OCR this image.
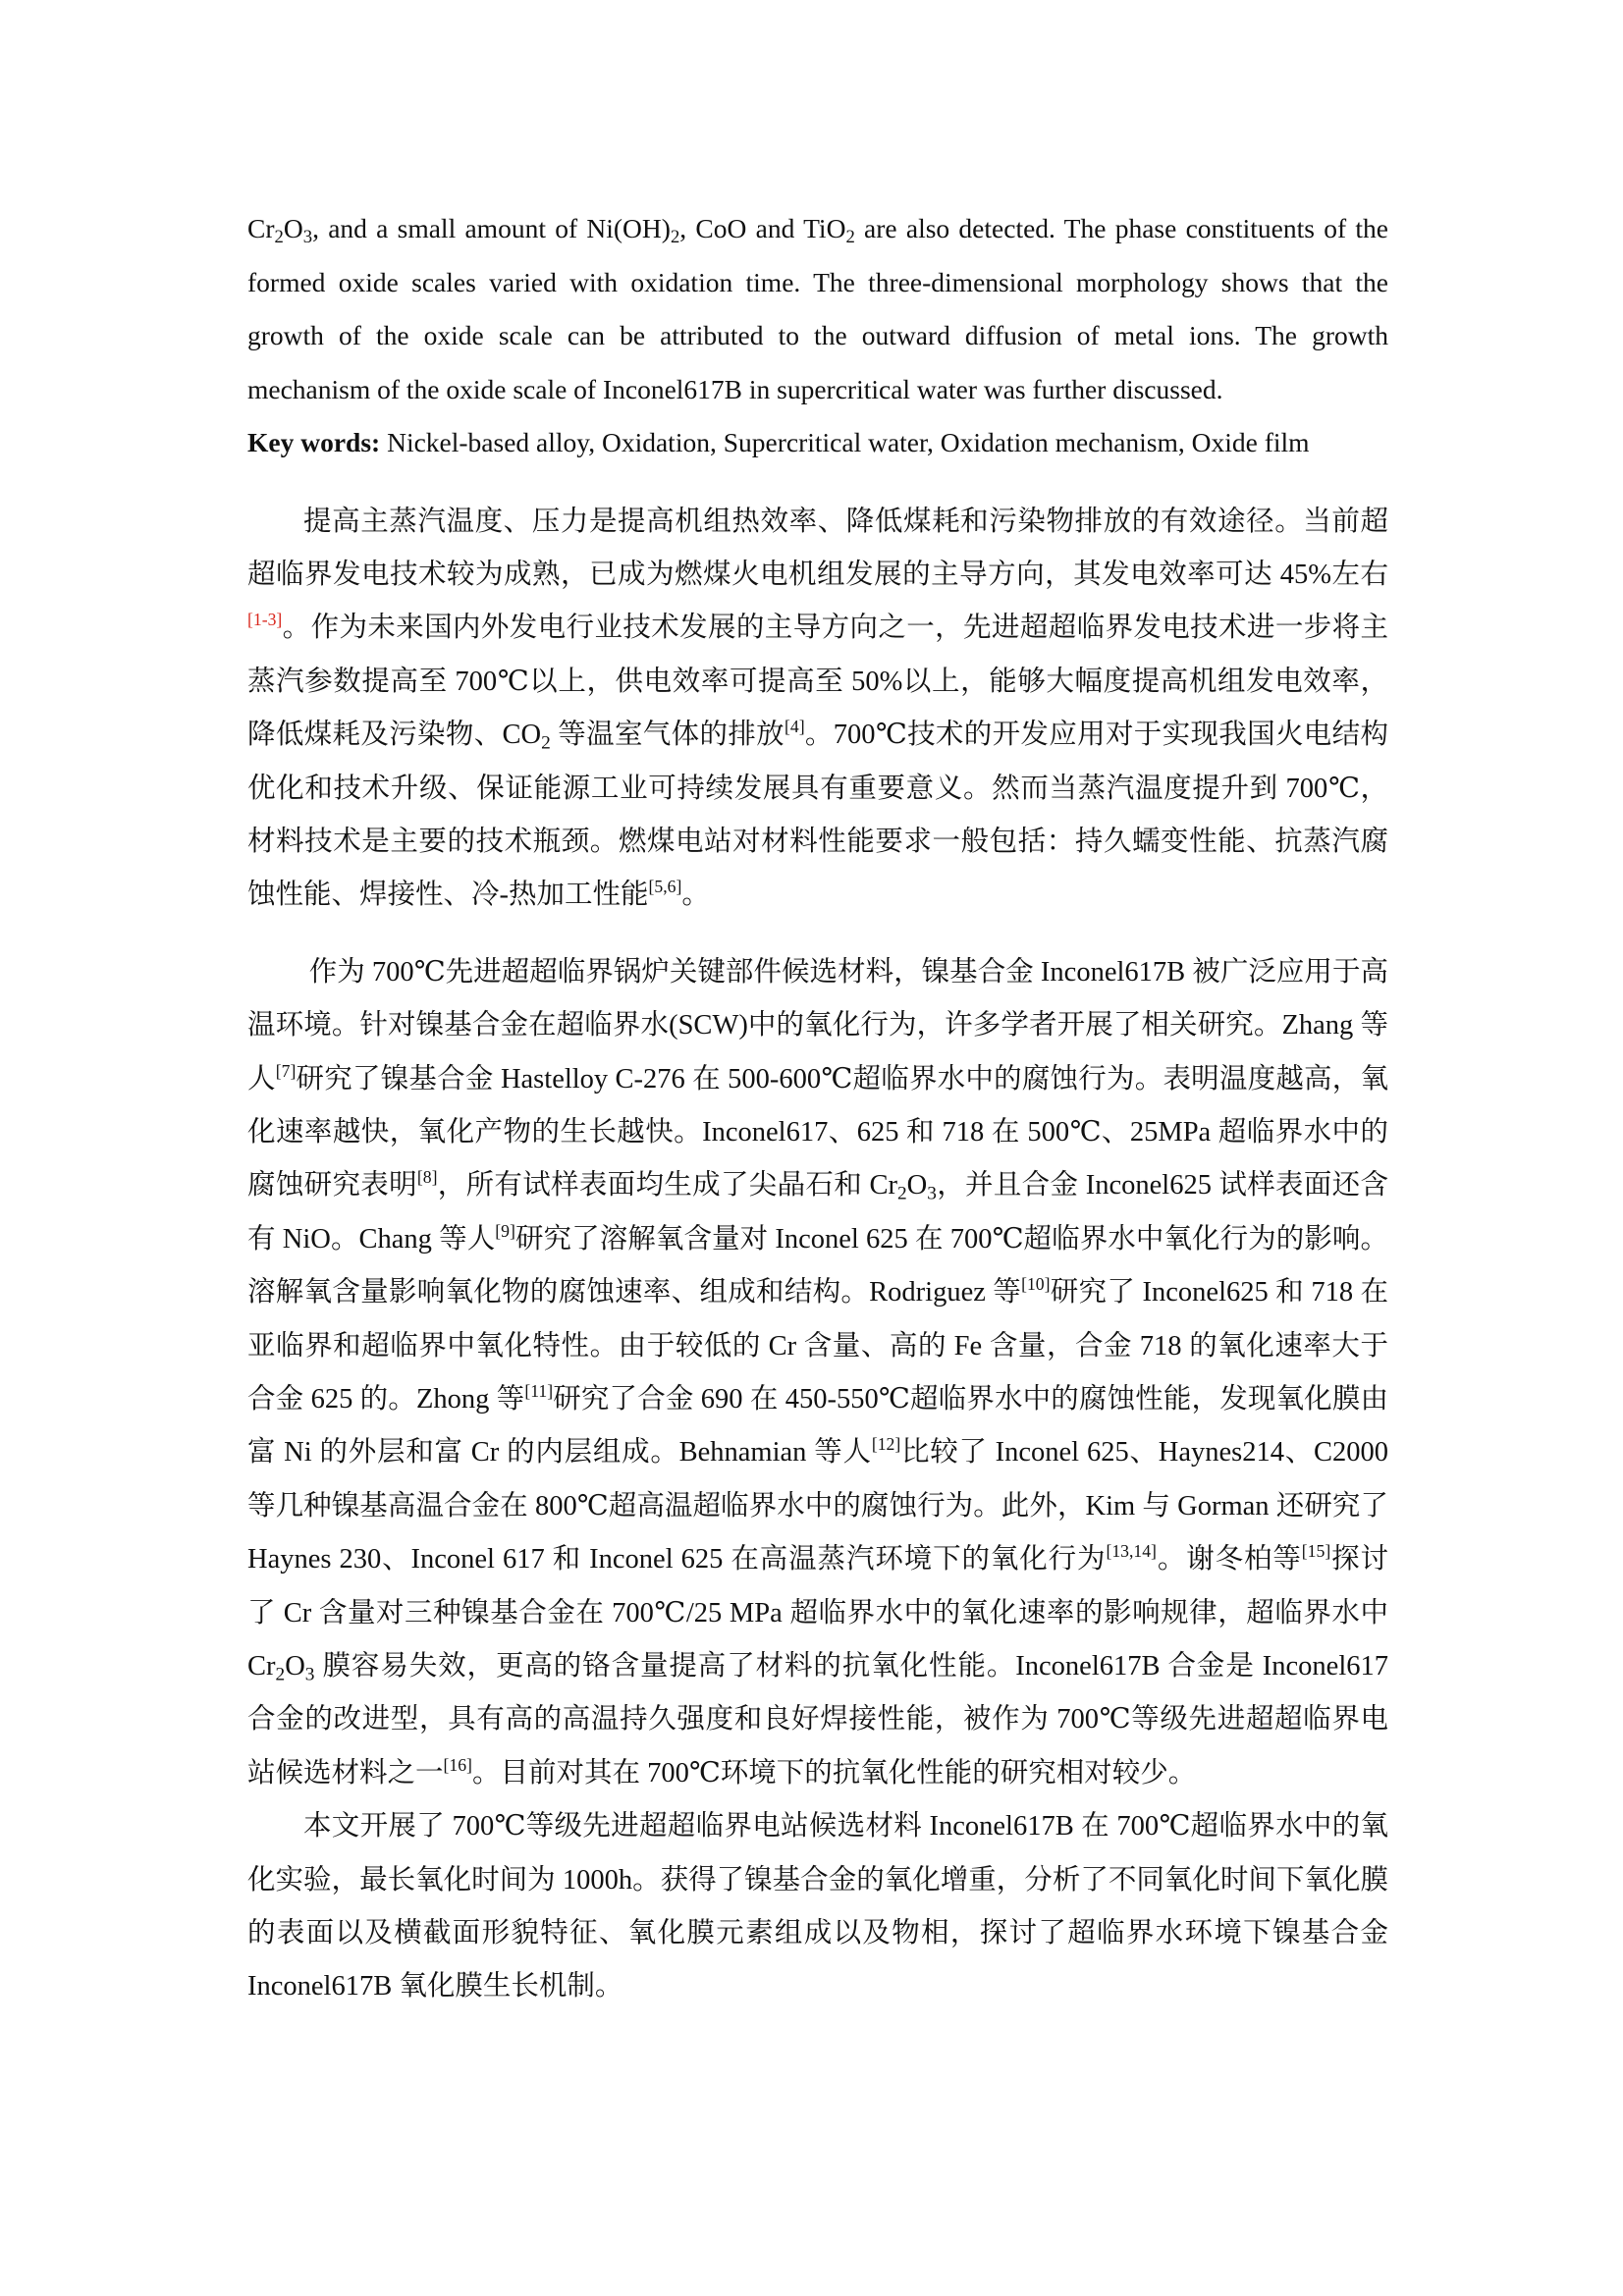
$Cr_2O_3$, and a small amount of $Ni(OH)_2$, CoO and TiO$_2$ are also detected. The phase constituents of the formed oxide scales varied with oxidation time. The three-dimensional morphology shows that the growth of the oxide scale can be attributed to the outward diffusion of metal ions. The growth mechanism of the oxide scale of Inconel617B in supercritical water was further discussed.

Key words: Nickel-based alloy, Oxidation, Supercritical water, Oxidation mechanism, Oxide film

提高主蒸汽温度、压力是提高机组热效率、降低煤耗和污染物排放的有效途径。当前超超临界发电技术较为成熟，已成为燃煤火电机组发展的主导方向，其发电效率可达 45%左右[1-3]。作为未来国内外发电行业技术发展的主导方向之一，先进超超临界发电技术进一步将主蒸汽参数提高至 700℃以上，供电效率可提高至 50%以上，能够大幅度提高机组发电效率，降低煤耗及污染物、$CO_2$ 等温室气体的排放[4]。700℃技术的开发应用对于实现我国火电结构优化和技术升级、保证能源工业可持续发展具有重要意义。然而当蒸汽温度提升到 700℃，材料技术是主要的技术瓶颈。燃煤电站对材料性能要求一般包括：持久蠕变性能、抗蒸汽腐蚀性能、焊接性、冷-热加工性能[5,6]。

作为 700℃先进超超临界锅炉关键部件候选材料，镍基合金 Inconel617B 被广泛应用于高温环境。针对镍基合金在超临界水(SCW)中的氧化行为，许多学者开展了相关研究。Zhang 等人[7]研究了镍基合金 Hastelloy C-276 在 500-600℃超临界水中的腐蚀行为。表明温度越高，氧化速率越快，氧化产物的生长越快。Inconel617、625 和 718 在 500℃、25MPa 超临界水中的腐蚀研究表明[8]，所有试样表面均生成了尖晶石和 $Cr_2O_3$，并且合金 Inconel625 试样表面还含有 NiO。Chang 等人[9]研究了溶解氧含量对 Inconel 625 在 700℃超临界水中氧化行为的影响。溶解氧含量影响氧化物的腐蚀速率、组成和结构。Rodriguez 等[10]研究了 Inconel625 和 718 在亚临界和超临界中氧化特性。由于较低的 Cr 含量、高的 Fe 含量，合金 718 的氧化速率大于合金 625 的。Zhong 等[11]研究了合金 690 在 450-550℃超临界水中的腐蚀性能，发现氧化膜由富 Ni 的外层和富 Cr 的内层组成。Behnamian 等人[12]比较了 Inconel 625、Haynes214、C2000 等几种镍基高温合金在 800℃超高温超临界水中的腐蚀行为。此外，Kim 与 Gorman 还研究了 Haynes 230、Inconel 617 和 Inconel 625 在高温蒸汽环境下的氧化行为[13,14]。谢冬柏等[15]探讨了 Cr 含量对三种镍基合金在 700℃/25 MPa 超临界水中的氧化速率的影响规律，超临界水中 $Cr_2O_3$ 膜容易失效，更高的铬含量提高了材料的抗氧化性能。Inconel617B 合金是 Inconel617 合金的改进型，具有高的高温持久强度和良好焊接性能，被作为 700℃等级先进超超临界电站候选材料之一[16]。目前对其在 700℃环境下的抗氧化性能的研究相对较少。

本文开展了 700℃等级先进超超临界电站候选材料 Inconel617B 在 700℃超临界水中的氧化实验，最长氧化时间为 1000h。获得了镍基合金的氧化增重，分析了不同氧化时间下氧化膜的表面以及横截面形貌特征、氧化膜元素组成以及物相，探讨了超临界水环境下镍基合金 Inconel617B 氧化膜生长机制。
